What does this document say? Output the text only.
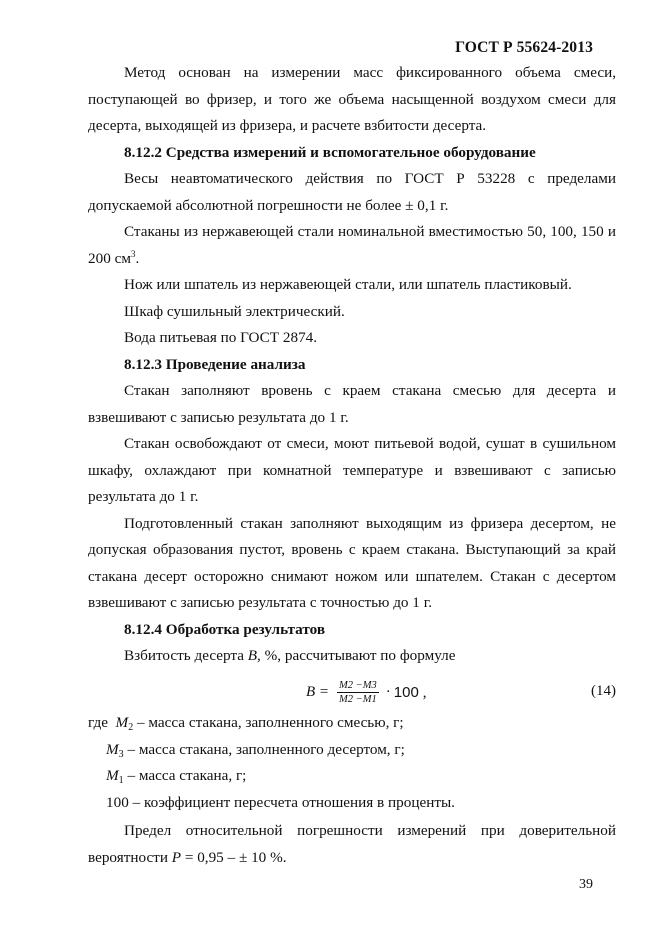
ГОСТ Р 55624-2013

Метод основан на измерении масс фиксированного объема смеси, поступающей во фризер, и того же объема насыщенной воздухом смеси для десерта, выходящей из фризера, и расчете взбитости десерта.

8.12.2 Средства измерений и вспомогательное оборудование

Весы неавтоматического действия по ГОСТ Р 53228 с пределами допускаемой абсолютной погрешности не более ± 0,1 г.

Стаканы из нержавеющей стали номинальной вместимостью 50, 100, 150 и 200 $см^3$.

Нож или шпатель из нержавеющей стали, или шпатель пластиковый.

Шкаф сушильный электрический.

Вода питьевая по ГОСТ 2874.

8.12.3 Проведение анализа

Стакан заполняют вровень с краем стакана смесью для десерта и взвешивают с записью результата до 1 г.

Стакан освобождают от смеси, моют питьевой водой, сушат в сушильном шкафу, охлаждают при комнатной температуре и взвешивают с записью результата до 1 г.

Подготовленный стакан заполняют выходящим из фризера десертом, не допуская образования пустот, вровень с краем стакана. Выступающий за край стакана десерт осторожно снимают ножом или шпателем. Стакан с десертом взвешивают с записью результата с точностью до 1 г.

8.12.4 Обработка результатов

Взбитость десерта B, %, рассчитывают по формуле

$B = \frac{M2 -M3}{M2 -M1} \cdot 100$ ,	(14)

где $M_2$ – масса стакана, заполненного смесью, г;

$M_3$ – масса стакана, заполненного десертом, г;

$M_1$ – масса стакана, г;

100 – коэффициент пересчета отношения в проценты.

Предел относительной погрешности измерений при доверительной вероятности P = 0,95 – ± 10 %.

39
